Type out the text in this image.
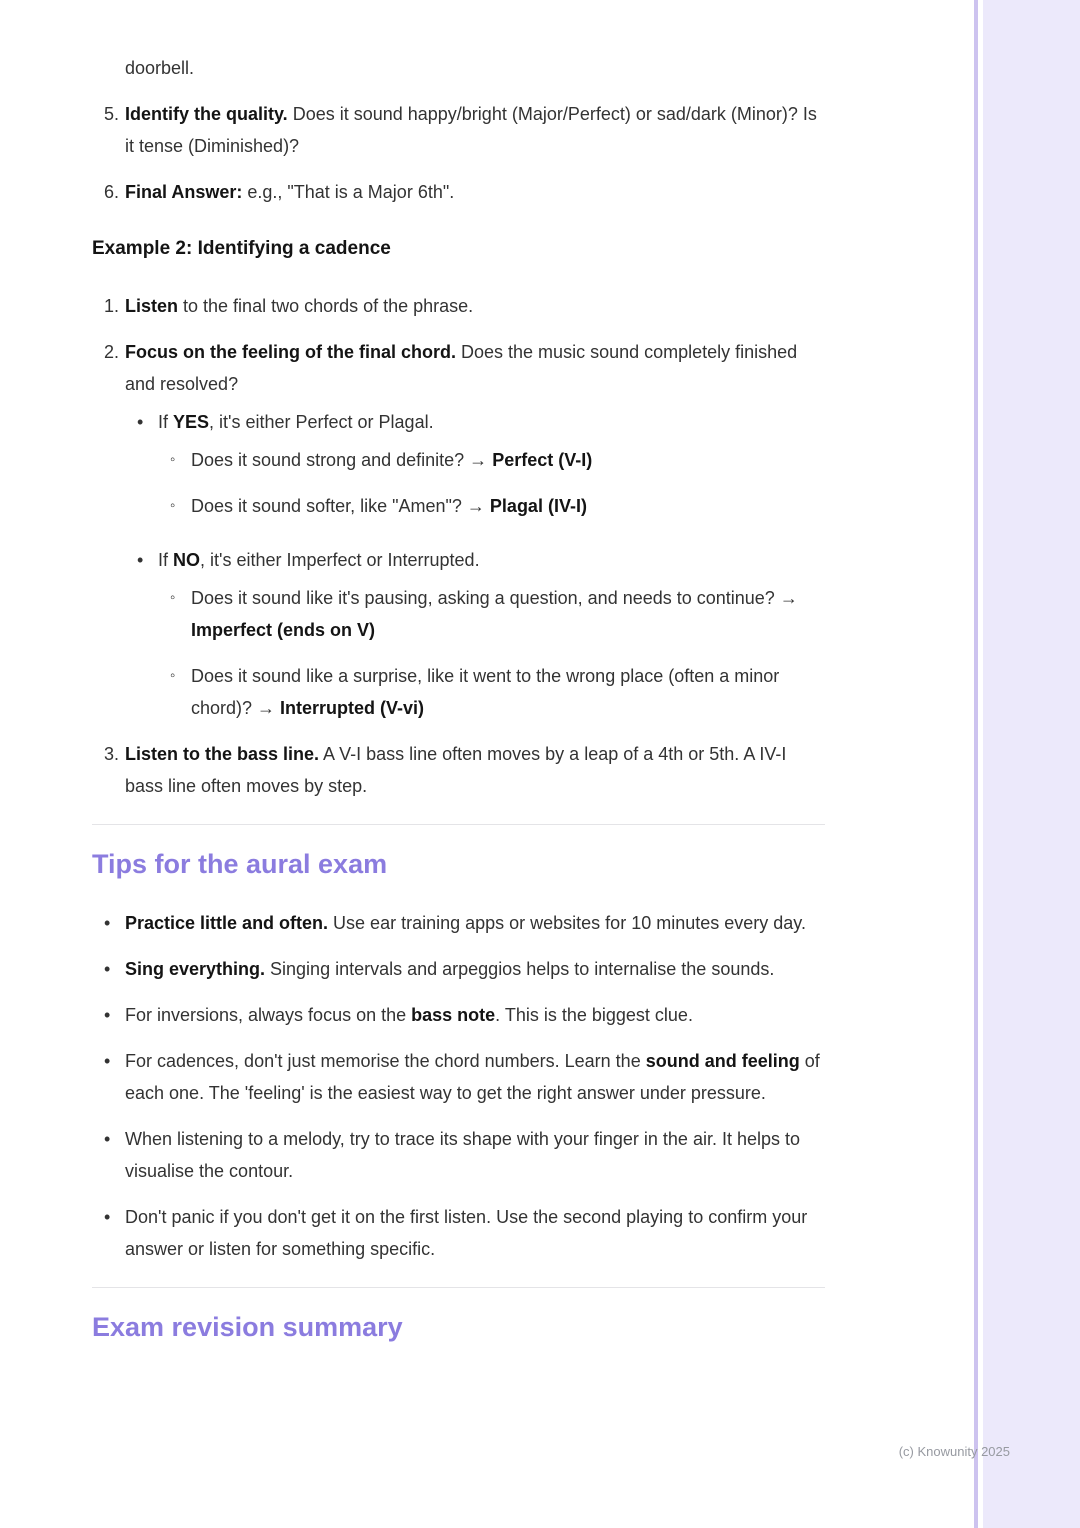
(c) Knowunity 2025

doorbell.

5. Identify the quality. Does it sound happy/bright (Major/Perfect) or sad/dark (Minor)? Is it tense (Diminished)?
6. Final Answer: e.g., "That is a Major 6th".
Example 2: Identifying a cadence
1. Listen to the final two chords of the phrase.
2. Focus on the feeling of the final chord. Does the music sound completely finished and resolved?
• If YES, it's either Perfect or Plagal.
◦ Does it sound strong and definite? → Perfect (V-I)
◦ Does it sound softer, like "Amen"? → Plagal (IV-I)
• If NO, it's either Imperfect or Interrupted.
◦ Does it sound like it's pausing, asking a question, and needs to continue? → Imperfect (ends on V)
◦ Does it sound like a surprise, like it went to the wrong place (often a minor chord)? → Interrupted (V-vi)
3. Listen to the bass line. A V-I bass line often moves by a leap of a 4th or 5th. A IV-I bass line often moves by step.
Tips for the aural exam
• Practice little and often. Use ear training apps or websites for 10 minutes every day.
• Sing everything. Singing intervals and arpeggios helps to internalise the sounds.
• For inversions, always focus on the bass note. This is the biggest clue.
• For cadences, don't just memorise the chord numbers. Learn the sound and feeling of each one. The 'feeling' is the easiest way to get the right answer under pressure.
• When listening to a melody, try to trace its shape with your finger in the air. It helps to visualise the contour.
• Don't panic if you don't get it on the first listen. Use the second playing to confirm your answer or listen for something specific.
Exam revision summary
